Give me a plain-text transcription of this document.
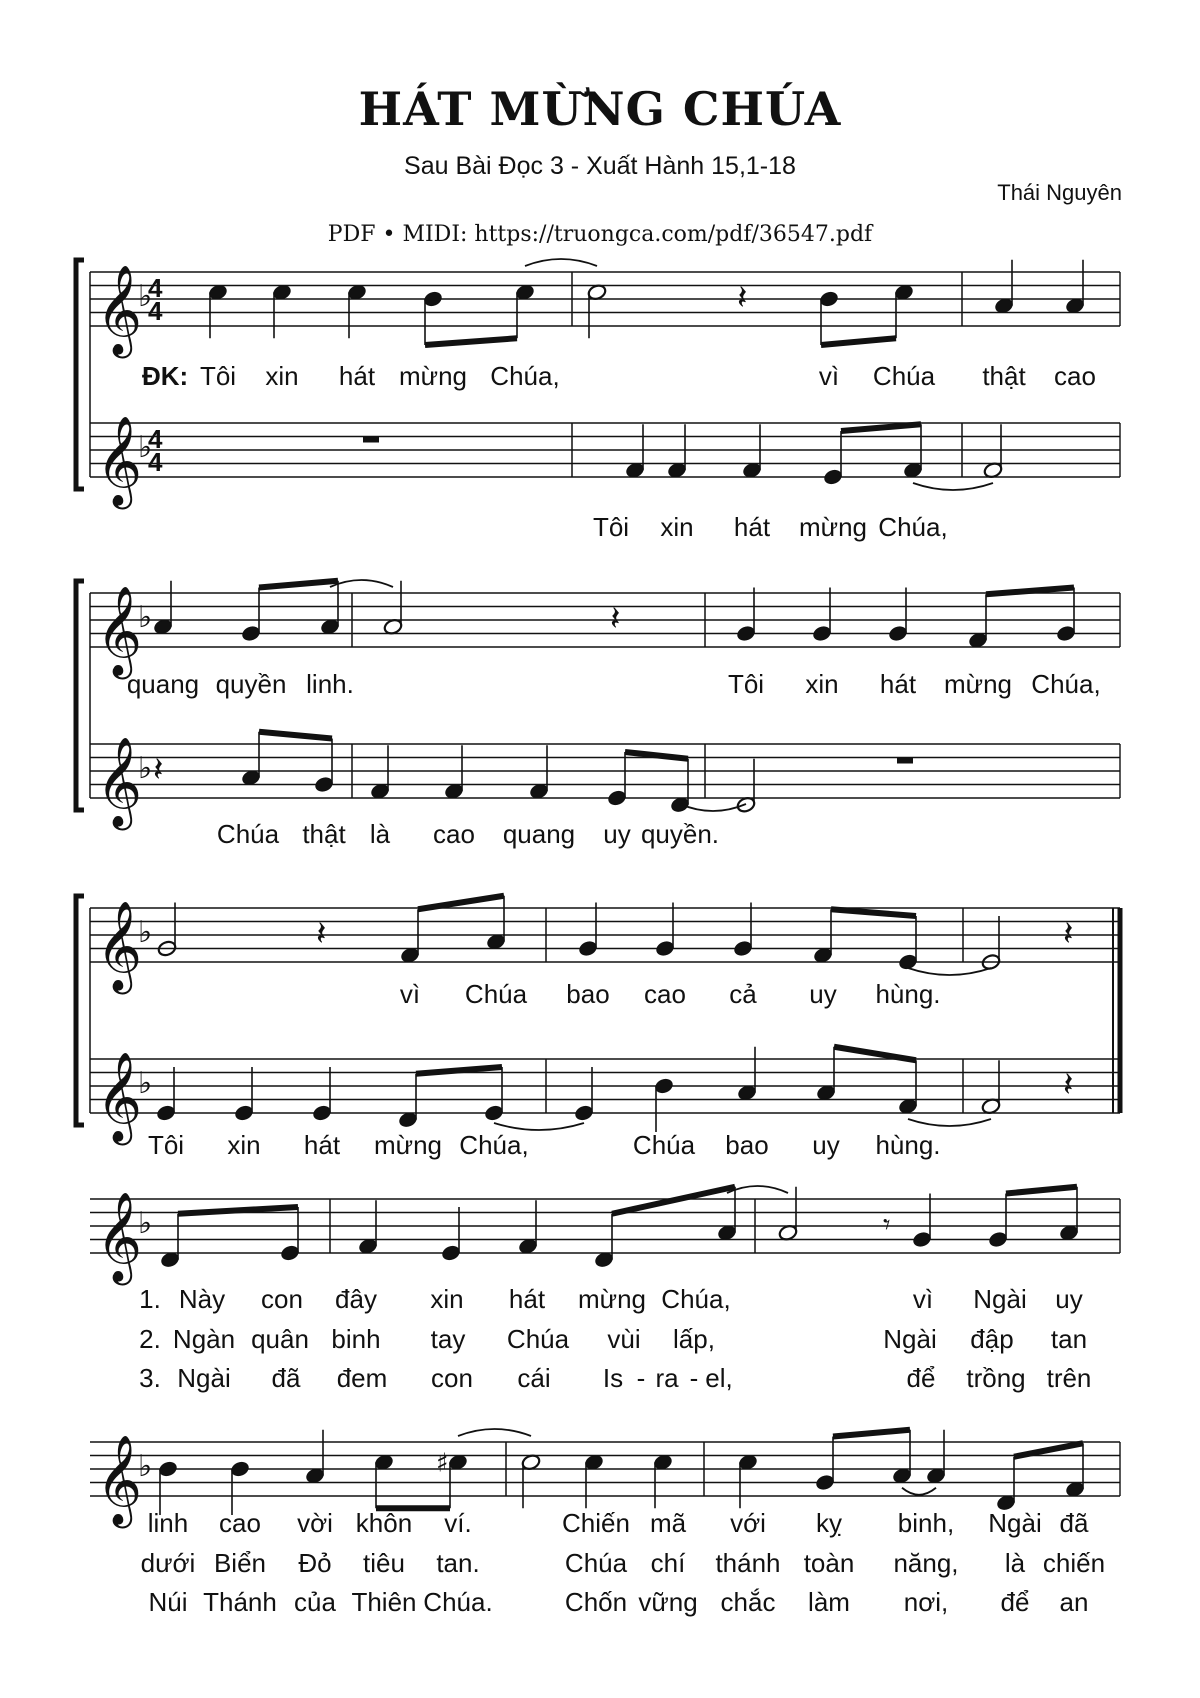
HÁT MỪNG CHÚA
Sau Bài Đọc 3 - Xuất Hành 15,1-18
Thái Nguyên
PDF • MIDI: https://truongca.com/pdf/36547.pdf
𝄞
♭
𝄞
♭
𝄞
♭
𝄞
♭
𝄞
♭
𝄞
♭
𝄞
♭
𝄞
♭
𝄽
𝄽
𝄽
𝄽	𝄽
𝄽
𝄾
♯
4
4
4
4
ĐK: Tôi xin hát mừng Chúa,	vì Chúa thật cao
Tôi xin hát mừng Chúa,
quang quyền linh.	Tôi xin hát mừng Chúa,
Chúa thật là cao quang uy quyền.
vì Chúa bao cao cả uy hùng.
Tôi xin hát mừng Chúa,	Chúa bao uy hùng.
1. Này con đây xin hát mừng Chúa,	vì Ngài uy
2. Ngàn quân binh tay Chúa vùi lấp,	Ngài đập tan
3. Ngài đã đem con cái Is - ra - el,	để trồng trên
linh cao vời khôn ví.	Chiến mã với kỵ binh, Ngài đã
dưới Biển Đỏ tiêu tan.	Chúa chí thánh toàn năng, là chiến
Núi Thánh của Thiên Chúa.	Chốn vững chắc làm nơi, để an
